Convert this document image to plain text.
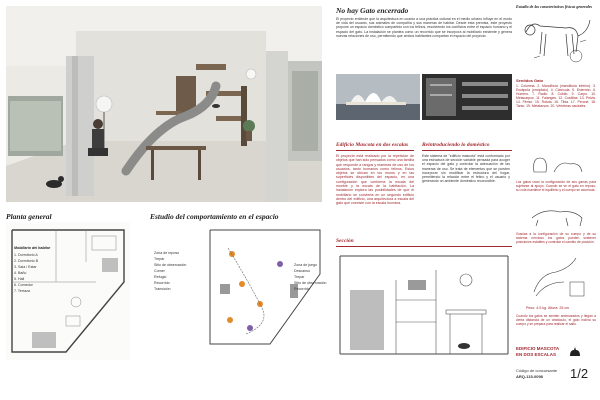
No hay Gato encerrado
El proyecto entiende que la arquitectura en cuanto a una práctica cultural en el medio urbano influye en el modo de vida del usuario, sus animales de compañía y sus maneras de habitar. Desde esta premisa, este proyecto propone un espacio doméstico compartido con los felinos, resolviendo los conflictos entre el espacio humano y el espacio del gato. La instalación se plantea como un recorrido que se incorpora al mobiliario existente y genera nuevas relaciones de uso, permitiendo que ambos habitantes compartan el espacio del proyecto.
Edificio Mascota en dos escalas
El proyecto está realizado por la repetición de objetos que han sido pensados como una familia que responde a rangos y maneras de uso de los usuarios, tanto humanos como felinos. Estos objetos se ubican en los muros y en las superficies disponibles del espacio, en una configuración que conforma la escala del mueble y la escala de la habitación. La instalación explora las posibilidades de que el mobiliario se convierta en un segundo edificio dentro del edificio, una arquitectura a escala del gato que coexiste con la escala humana.
Reintroduciendo lo doméstico
Este sistema de "edificio mascota" está conformado por una estructura de sección variable pensada para acoger el espacio del gato y controlar la adecuación de las maneras de uso. Se trata de elementos que se pueden incorporar sin modificar la estructura del hogar, permitiendo la relación entre el felino y el usuario y generando un ambiente doméstico reconocible.
Estudio de las características físicas generales
Sentidos Gato
1. Columna. 2. Mandíbula (mandíbula inferior). 3. Escápula (omóplato). 4. Clavícula. 5. Esternón. 6. Húmero. 7. Radio. 8. Cúbito. 9. Carpo. 10. Metacarpos. 11. Falanges. 12. Costillas. 13. Pelvis. 14. Fémur. 15. Rótula. 16. Tibia. 17. Peroné. 18. Tarso. 19. Metatarsos. 20. Vértebras caudales.
Los gatos usan la configuración de sus garras para sujetarse al apoyo. Cuando se ve el gato en reposo, su cola mantiene el equilibrio y el cuerpo se acomoda.
Gracias a la configuración de su cuerpo y de su sistema nervioso los gatos pueden sostener posiciones estables y controlar el cambio de posición.
Peso: 4-5 kg. Altura: 25 cm
Cuando los gatos se sienten amenazados y llegan a cierta distancia de un obstáculo, el gato inclina su cuerpo y se prepara para realizar el salto.
Planta general
Mobiliario del habitar
1. Dormitorio A
2. Dormitorio B
3. Sala / Estar
4. Baño
5. Hall
6. Comedor
7. Terraza
Estudio del comportamiento en el espacio
Zona de reposo
Trepar
Sitio de observación
Comer
Refugio
Recorrido
Transición
Zona de juego
Descanso
Trepar
Sitio de observación
Recorrido
Sección
EDIFICIO MASCOTA
EN DOS ESCALAS
Código de concursante
ARQ-115-0098 1/2
